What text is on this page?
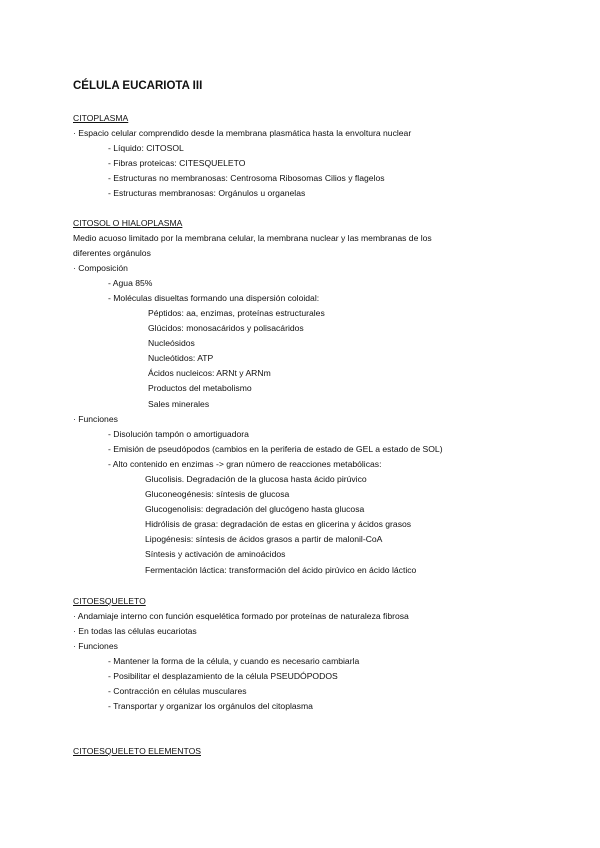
CÉLULA EUCARIOTA III
CITOPLASMA
· Espacio celular comprendido desde la membrana plasmática hasta la envoltura nuclear
- Líquido: CITOSOL
- Fibras proteicas: CITESQUELETO
- Estructuras no membranosas: Centrosoma Ribosomas Cilios y flagelos
- Estructuras membranosas: Orgánulos u organelas
CITOSOL O HIALOPLASMA
Medio acuoso limitado por la membrana celular, la membrana nuclear y las membranas de los
diferentes orgánulos
· Composición
- Agua 85%
- Moléculas disueltas formando una dispersión coloidal:
Péptidos: aa, enzimas, proteínas estructurales
Glúcidos: monosacáridos y polisacáridos
Nucleósidos
Nucleótidos: ATP
Ácidos nucleicos: ARNt y ARNm
Productos del metabolismo
Sales minerales
· Funciones
- Disolución tampón o amortiguadora
- Emisión de pseudópodos (cambios en la periferia de estado de GEL a estado de SOL)
- Alto contenido en enzimas -> gran número de reacciones metabólicas:
Glucolisis. Degradación de la glucosa hasta ácido pirúvico
Gluconeogénesis: síntesis de glucosa
Glucogenolisis: degradación del glucógeno hasta glucosa
Hidrólisis de grasa: degradación de estas en glicerina y ácidos grasos
Lipogénesis: síntesis de ácidos grasos a partir de malonil-CoA
Síntesis y activación de aminoácidos
Fermentación láctica: transformación del ácido pirúvico en ácido láctico
CITOESQUELETO
· Andamiaje interno con función esquelética formado por proteínas de naturaleza fibrosa
· En todas las células eucariotas
· Funciones
- Mantener la forma de la célula, y cuando es necesario cambiarla
- Posibilitar el desplazamiento de la célula PSEUDÓPODOS
- Contracción en células musculares
- Transportar y organizar los orgánulos del citoplasma
CITOESQUELETO ELEMENTOS
